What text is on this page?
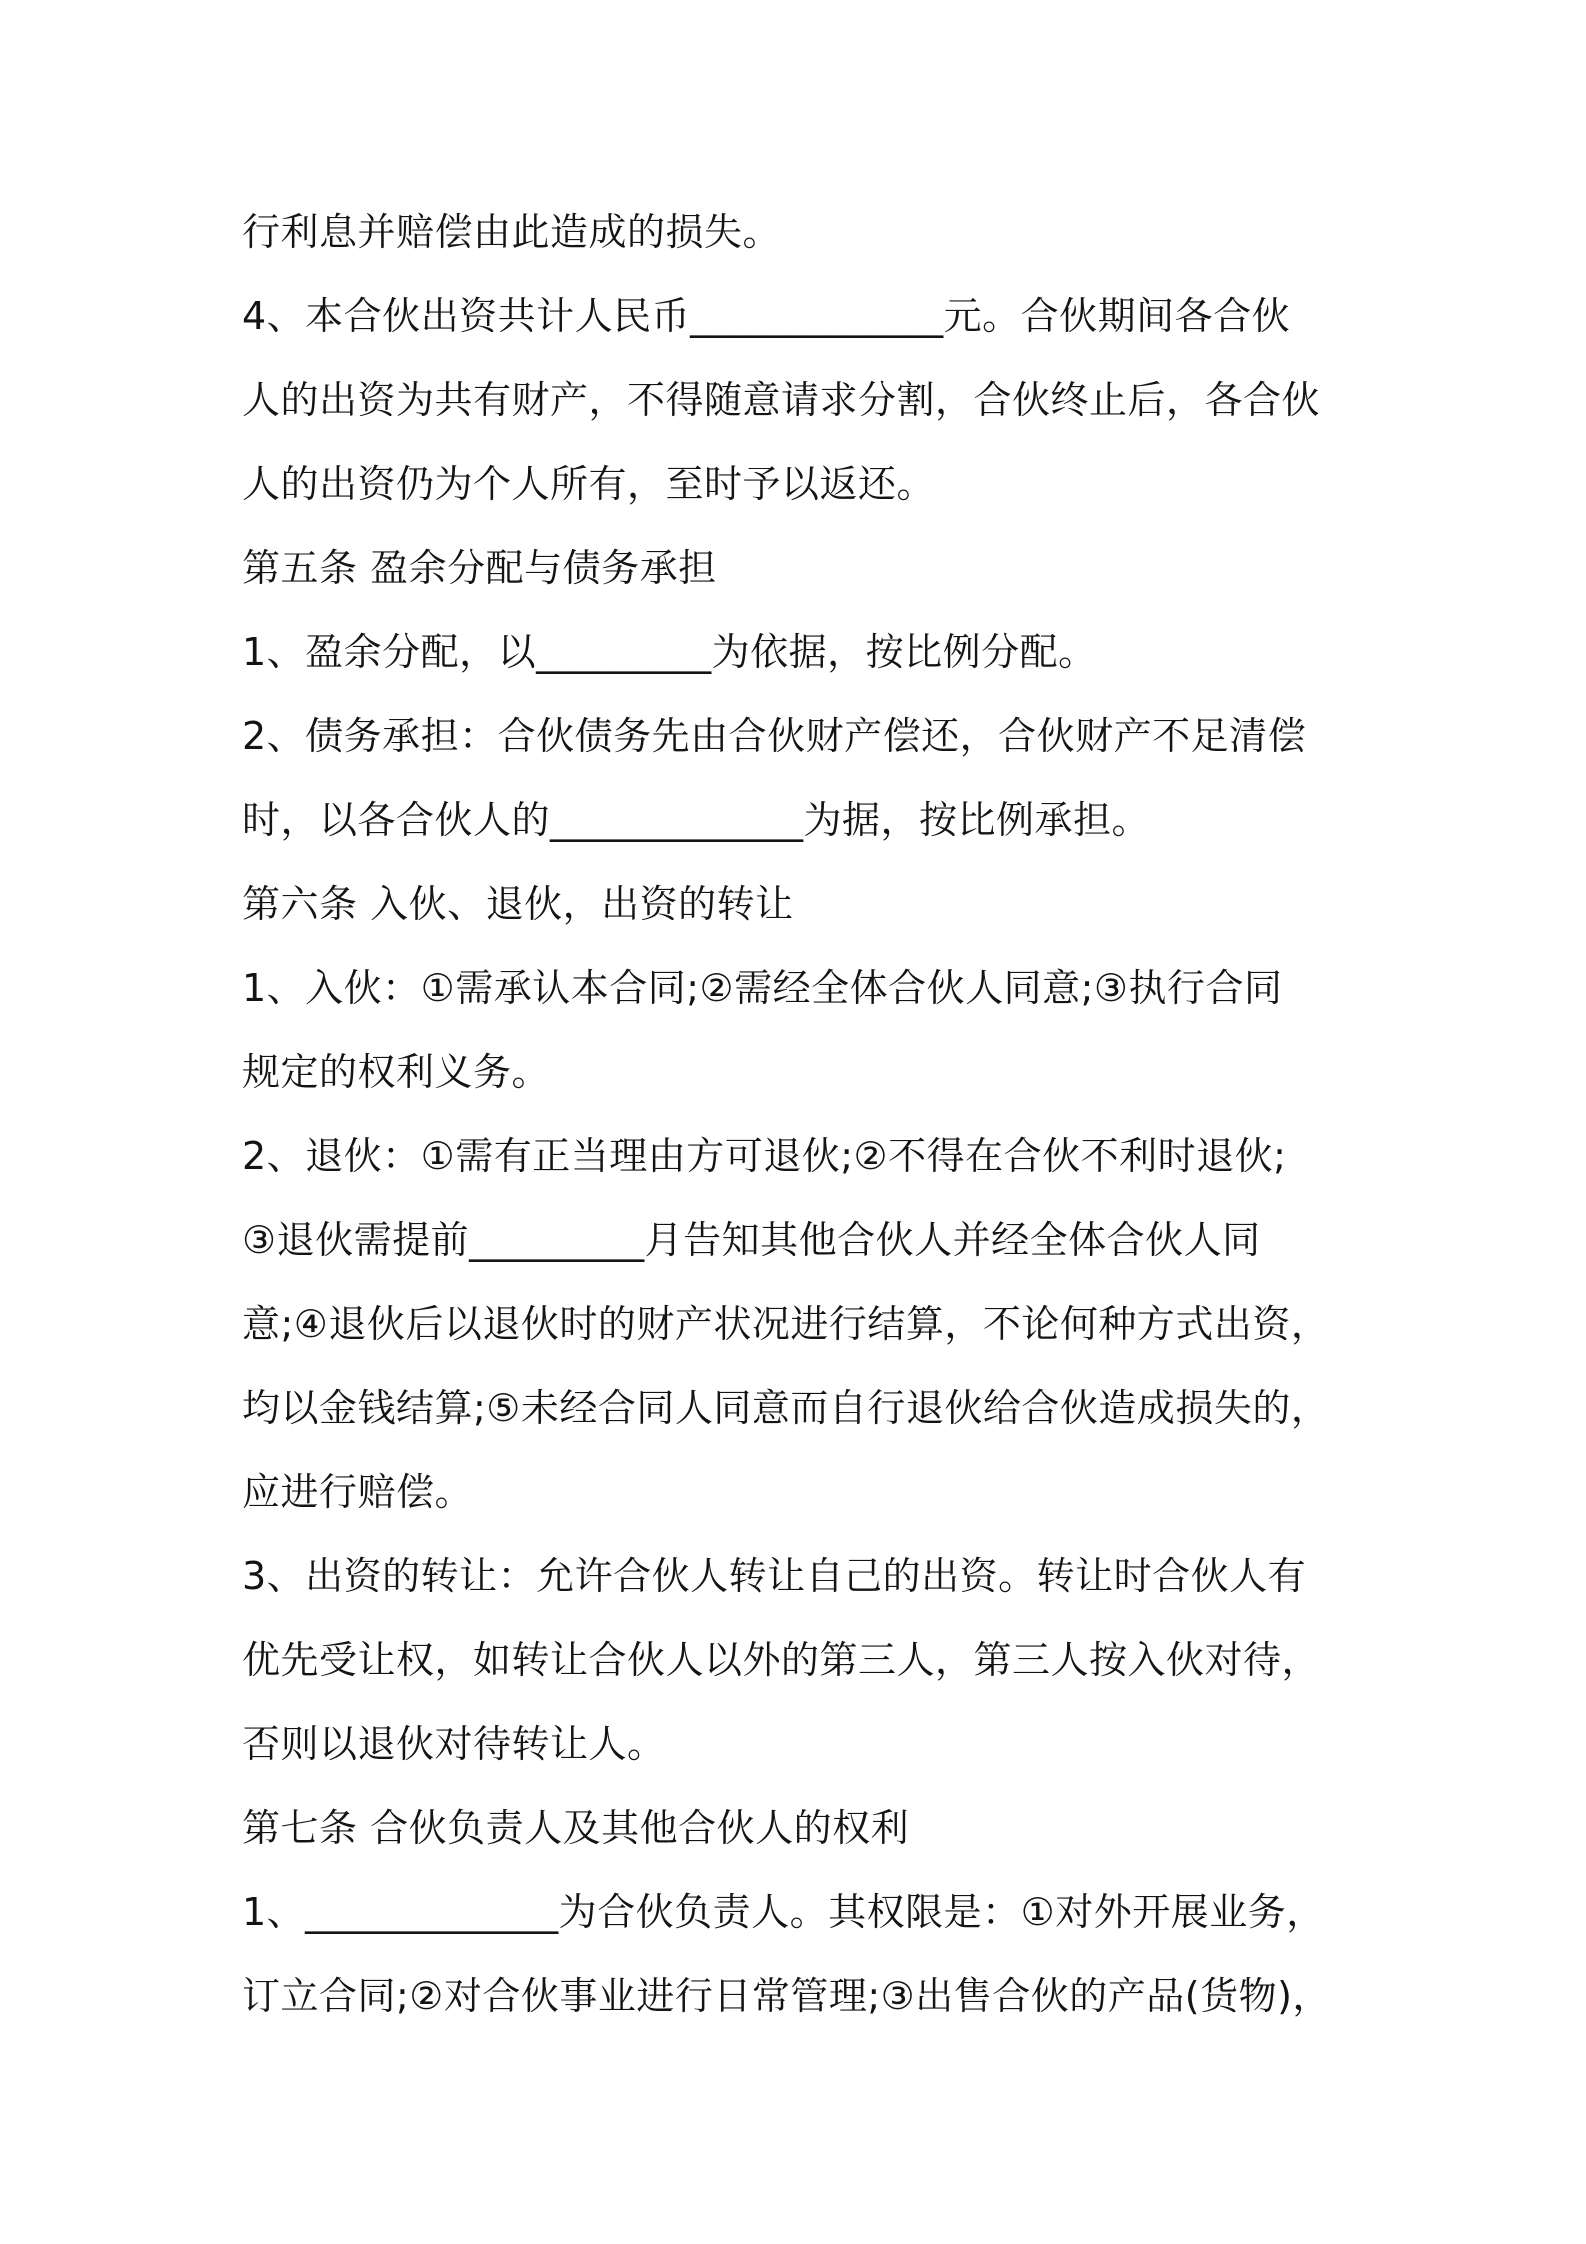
行利息并赔偿由此造成的损失。
4、本合伙出资共计人民币_____________元。合伙期间各合伙
人的出资为共有财产，不得随意请求分割，合伙终止后，各合伙
人的出资仍为个人所有，至时予以返还。
第五条 盈余分配与债务承担
1、盈余分配，以_________为依据，按比例分配。
2、债务承担：合伙债务先由合伙财产偿还，合伙财产不足清偿
时，以各合伙人的_____________为据，按比例承担。
第六条 入伙、退伙，出资的转让
1、入伙：①需承认本合同;②需经全体合伙人同意;③执行合同
规定的权利义务。
2、退伙：①需有正当理由方可退伙;②不得在合伙不利时退伙;
③退伙需提前_________月告知其他合伙人并经全体合伙人同
意;④退伙后以退伙时的财产状况进行结算，不论何种方式出资，
均以金钱结算;⑤未经合同人同意而自行退伙给合伙造成损失的，
应进行赔偿。
3、出资的转让：允许合伙人转让自己的出资。转让时合伙人有
优先受让权，如转让合伙人以外的第三人，第三人按入伙对待，
否则以退伙对待转让人。
第七条 合伙负责人及其他合伙人的权利
1、_____________为合伙负责人。其权限是：①对外开展业务，
订立合同;②对合伙事业进行日常管理;③出售合伙的产品(货物)，
